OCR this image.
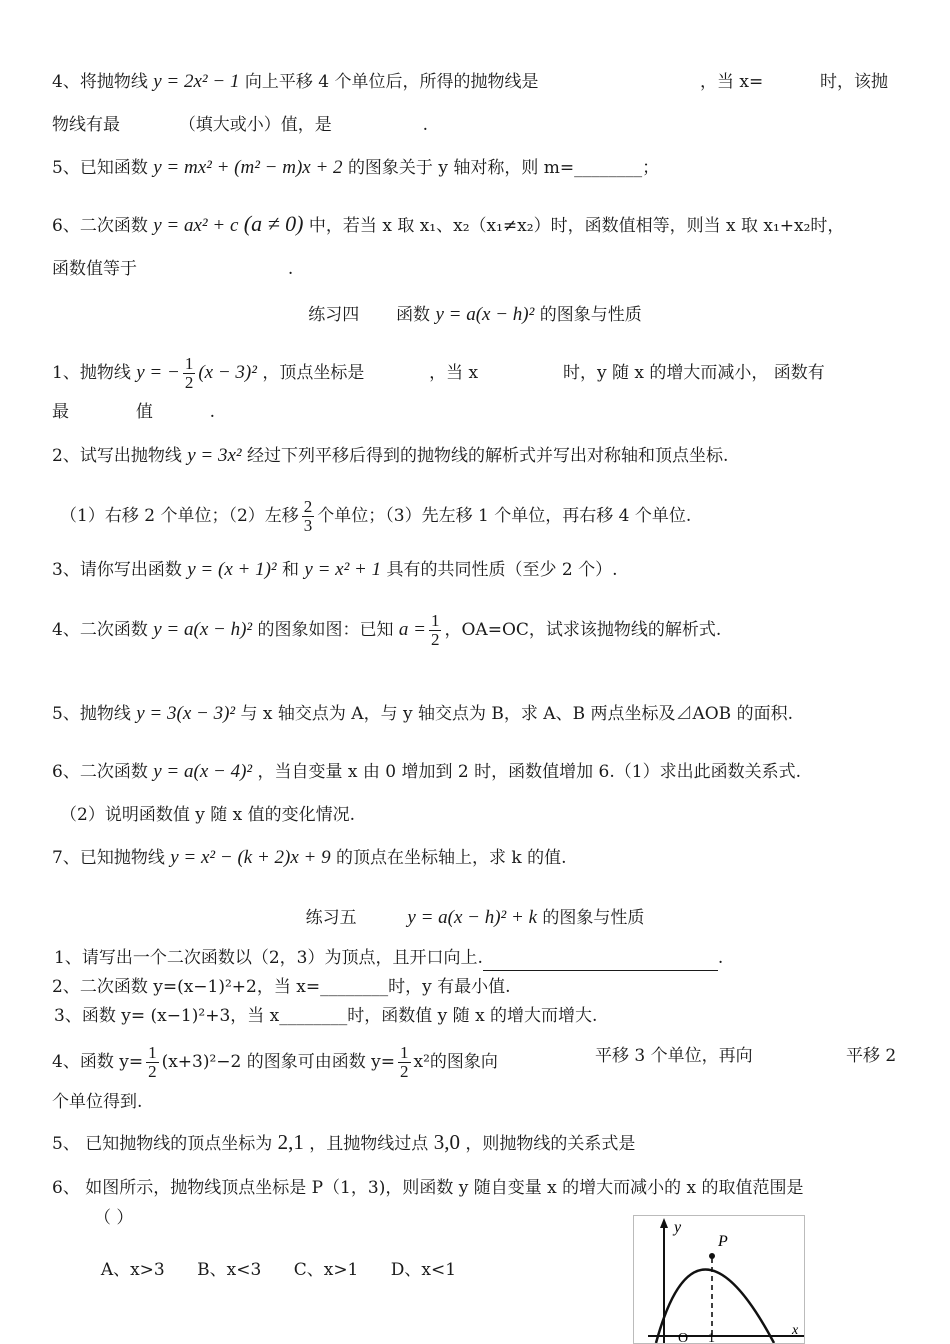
4、将抛物线 y = 2x² − 1 向上平移 4 个单位后，所得的抛物线是	，当 x=	时，该抛
物线有最	（填大或小）值，是	.
5、已知函数 y = mx² + (m² − m)x + 2 的图象关于 y 轴对称，则 m=________；
6、二次函数 y = ax² + c (a ≠ 0) 中，若当 x 取 x₁、x₂（x₁≠x₂）时，函数值相等，则当 x 取 x₁+x₂时，
函数值等于	.
练习四 函数 y = a(x − h)² 的图象与性质
1、抛物线 y = − $\frac{1}{2} (x - 3)^2$ ，顶点坐标是	，当 x	时，y 随 x 的增大而减小， 函数有
最	值	.
2、试写出抛物线 y = 3x² 经过下列平移后得到的抛物线的解析式并写出对称轴和顶点坐标.
（1）右移 2 个单位；（2）左移 $\frac{2}{3}$ 个单位；（3）先左移 1 个单位，再右移 4 个单位.
3、请你写出函数 y = (x + 1)² 和 y = x² + 1 具有的共同性质（至少 2 个）.
4、二次函数 y = a(x − h)² 的图象如图：已知 $a = \frac{1}{2}$ ，OA=OC，试求该抛物线的解析式.
5、抛物线 y = 3(x − 3)² 与 x 轴交点为 A，与 y 轴交点为 B，求 A、B 两点坐标及⊿AOB 的面积.
6、二次函数 y = a(x − 4)² ，当自变量 x 由 0 增加到 2 时，函数值增加 6.（1）求出此函数关系式.
（2）说明函数值 y 随 x 值的变化情况.
7、已知抛物线 y = x² − (k + 2)x + 9 的顶点在坐标轴上，求 k 的值.
练习五	y = a(x − h)² + k 的图象与性质
1、请写出一个二次函数以（2，3）为顶点，且开口向上.	.
2、二次函数 y=(x−1)²+2，当 x=________时，y 有最小值.
3、函数 y= (x−1)²+3，当 x________时，函数值 y 随 x 的增大而增大.
4、函数 $y= \frac{1}{2} (x+3)^2-2$ 的图象可由函数 $y= \frac{1}{2} x^2$的图象向	平移 3 个单位，再向	平移 2
个单位得到.
5、 已知抛物线的顶点坐标为 2,1 ，且抛物线过点 3,0 ，则抛物线的关系式是
6、 如图所示，抛物线顶点坐标是 P（1，3)，则函数 y 随自变量 x 的增大而减小的 x 的取值范围是
（ ）

A、x>3      B、x<3      C、x>1      D、x<1

y
P
O 1
x
